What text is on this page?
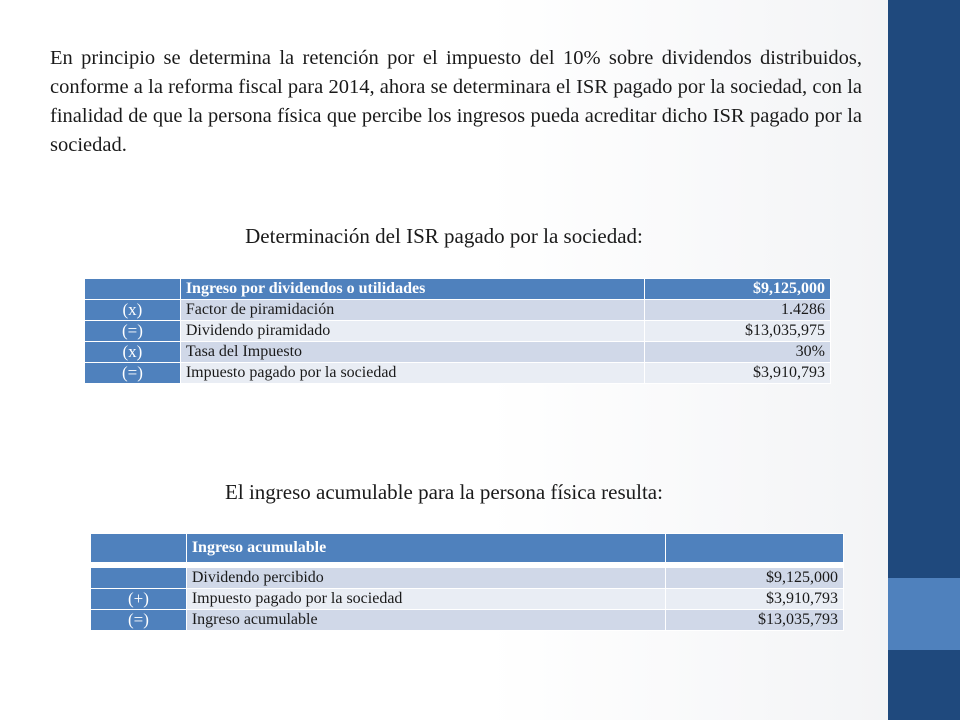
En principio se determina la retención por el impuesto del 10% sobre dividendos distribuidos, conforme a la reforma fiscal para 2014, ahora se determinara el ISR pagado por la sociedad, con la finalidad de que la persona física que percibe los ingresos pueda acreditar dicho ISR pagado por la sociedad.

Determinación del ISR pagado por la sociedad:

	Ingreso por dividendos o utilidades	$9,125,000
(x)	Factor de piramidación	1.4286
(=)	Dividendo piramidado	$13,035,975
(x)	Tasa del Impuesto	30%
(=)	Impuesto pagado por la sociedad	$3,910,793

El ingreso acumulable para la persona física resulta:

	Ingreso acumulable	

	Dividendo percibido	$9,125,000
(+)	Impuesto pagado por la sociedad	$3,910,793
(=)	Ingreso acumulable	$13,035,793
